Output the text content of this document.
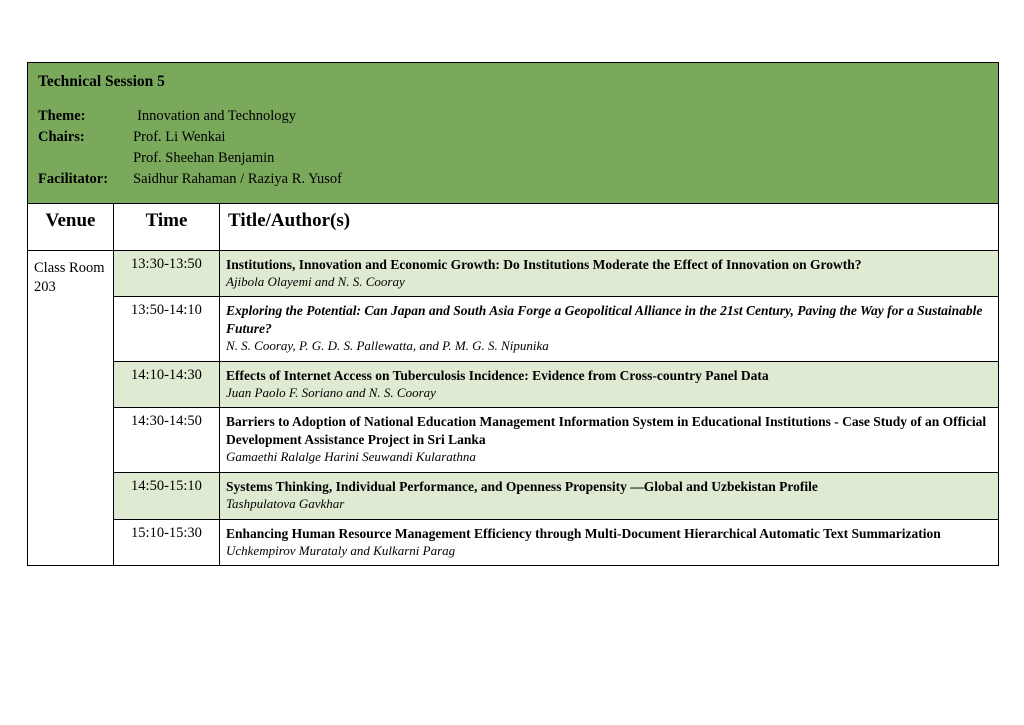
Technical Session 5
Theme:	Innovation and Technology
Chairs:	Prof. Li Wenkai
	Prof. Sheehan Benjamin
Facilitator:	Saidhur Rahaman / Raziya R. Yusof
Venue	Time	Title/Author(s)
Class Room 203	13:30-13:50	Institutions, Innovation and Economic Growth: Do Institutions Moderate the Effect of Innovation on Growth?
Ajibola Olayemi and N. S. Cooray

	13:50-14:10	Exploring the Potential: Can Japan and South Asia Forge a Geopolitical Alliance in the 21st Century, Paving the Way for a Sustainable Future?
N. S. Cooray, P. G. D. S. Pallewatta, and P. M. G. S. Nipunika

	14:10-14:30	Effects of Internet Access on Tuberculosis Incidence: Evidence from Cross-country Panel Data
Juan Paolo F. Soriano and N. S. Cooray

	14:30-14:50	Barriers to Adoption of National Education Management Information System in Educational Institutions - Case Study of an Official Development Assistance Project in Sri Lanka
Gamaethi Ralalge Harini Seuwandi Kularathna

	14:50-15:10	Systems Thinking, Individual Performance, and Openness Propensity —Global and Uzbekistan Profile
Tashpulatova Gavkhar

	15:10-15:30	Enhancing Human Resource Management Efficiency through Multi-Document Hierarchical Automatic Text Summarization
Uchkempirov Murataly and Kulkarni Parag
